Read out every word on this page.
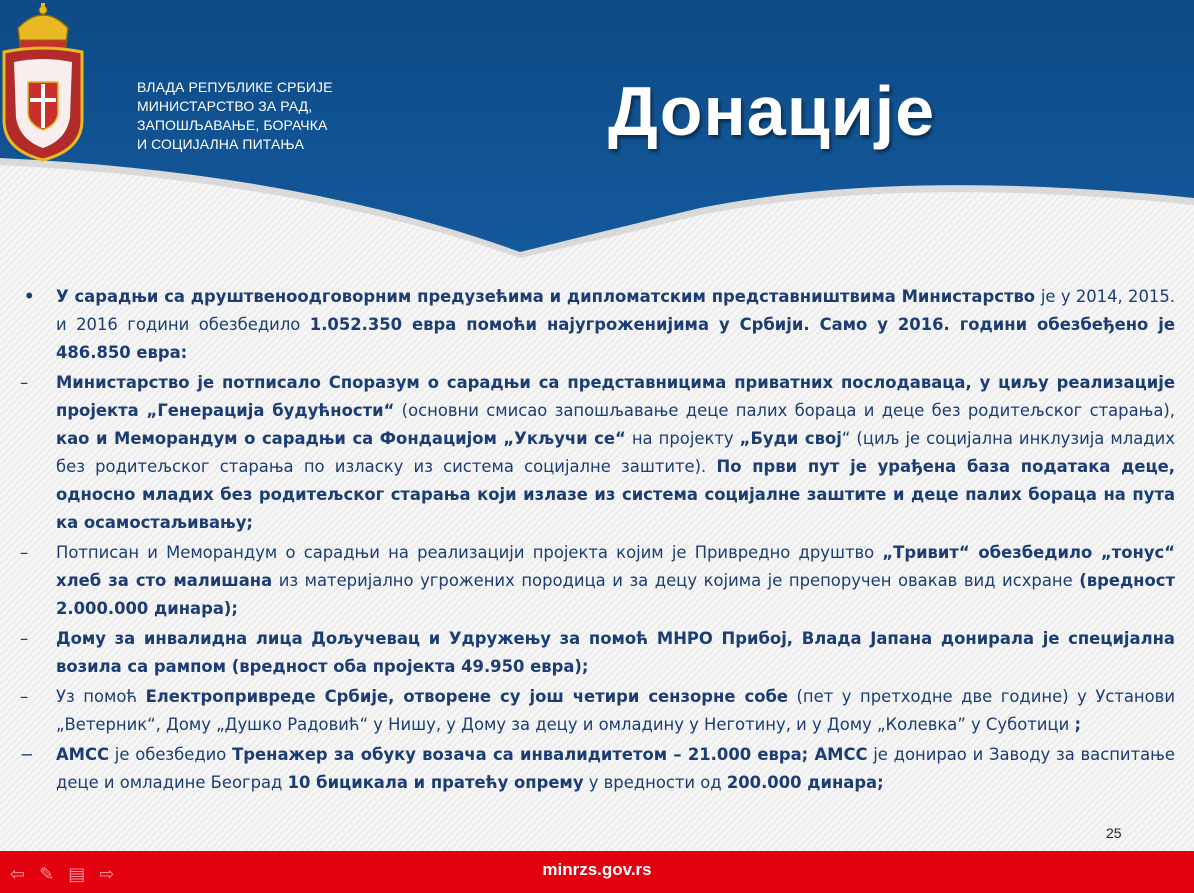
ВЛАДА РЕПУБЛИКЕ СРБИЈЕ
МИНИСТАРСТВО ЗА РАД,
ЗАПОШЉАВАЊЕ, БОРАЧКА
И СОЦИЈАЛНА ПИТАЊА	Донације
• У сарадњи са друштвеноодговорним предузећима и дипломатским представништвима Министарство је у 2014, 2015. и 2016 години обезбедило 1.052.350 евра помоћи најугроженијима у Србији. Само у 2016. години обезбеђено је 486.850 евра:
– Министарство је потписало Споразум о сарадњи са представницима приватних послодаваца, у циљу реализације пројекта „Генерација будућности“ (основни смисао запошљавање деце палих бораца и деце без родитељског старања), као и Меморандум о сарадњи са Фондацијом „Укључи се“ на пројекту „Буди свој“ (циљ је социјална инклузија младих без родитељског старања по изласку из система социјалне заштите). По први пут је урађена база података деце, односно младих без родитељског старања који излазе из система социјалне заштите и деце палих бораца на пута ка осамостаљивању;
– Потписан и Меморандум о сарадњи на реализацији пројекта којим је Привредно друштво „Тривит“ обезбедило „тонус“ хлеб за сто малишана из материјално угрожених породица и за децу којима је препоручен овакав вид исхране (вредност 2.000.000 динара);
– Дому за инвалидна лица Доључевац и Удружењу за помоћ МНРО Прибој, Влада Јапана донирала је специјална возила са рампом (вредност оба пројекта 49.950 евра);
– Уз помоћ Електропривреде Србије, отворене су још четири сензорне собе (пет у претходне две године) у Установи „Ветерник“, Дому „Душко Радовић“ у Нишу, у Дому за децу и омладину у Неготину, и у Дому „Колевка” у Суботици ;
− АМСС је обезбедио Тренажер за обуку возача са инвалидитетом – 21.000 евра; АМСС је донирао и Заводу за васпитање деце и омладине Београд 10 бицикала и пратећу опрему у вредности од 200.000 динара;
25
⇦ ✎ ▤ ⇨	minrzs.gov.rs
